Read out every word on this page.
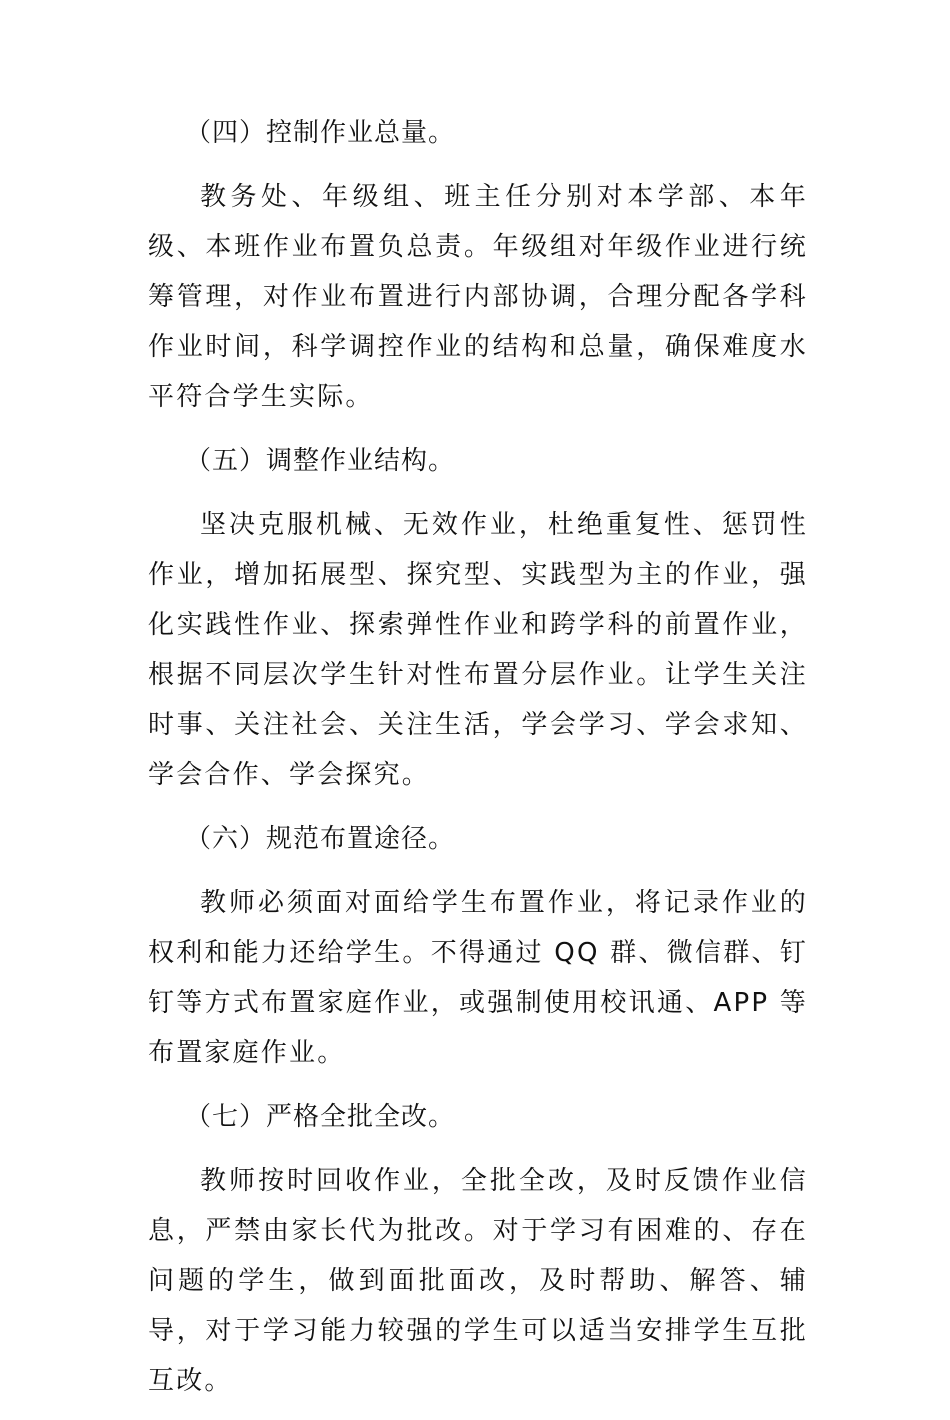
（四）控制作业总量。

教务处、年级组、班主任分别对本学部、本年级、本班作业布置负总责。年级组对年级作业进行统筹管理，对作业布置进行内部协调，合理分配各学科作业时间，科学调控作业的结构和总量，确保难度水平符合学生实际。

（五）调整作业结构。

坚决克服机械、无效作业，杜绝重复性、惩罚性作业，增加拓展型、探究型、实践型为主的作业，强化实践性作业、探索弹性作业和跨学科的前置作业，根据不同层次学生针对性布置分层作业。让学生关注时事、关注社会、关注生活，学会学习、学会求知、学会合作、学会探究。

（六）规范布置途径。

教师必须面对面给学生布置作业，将记录作业的权利和能力还给学生。不得通过 QQ 群、微信群、钉钉等方式布置家庭作业，或强制使用校讯通、APP 等布置家庭作业。

（七）严格全批全改。

教师按时回收作业，全批全改，及时反馈作业信息，严禁由家长代为批改。对于学习有困难的、存在问题的学生，做到面批面改，及时帮助、解答、辅导，对于学习能力较强的学生可以适当安排学生互批互改。
